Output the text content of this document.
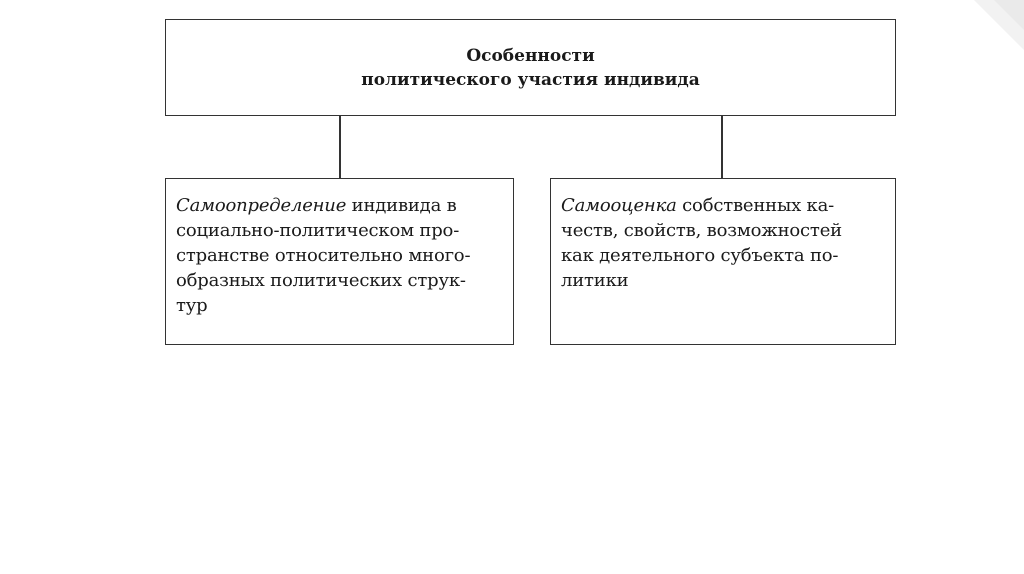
Особенности
политического участия индивида
Самоопределение индивида в
социально-политическом про-
странстве относительно много-
образных политических струк-
тур
Самооценка собственных ка-
честв, свойств, возможностей
как деятельного субъекта по-
литики
